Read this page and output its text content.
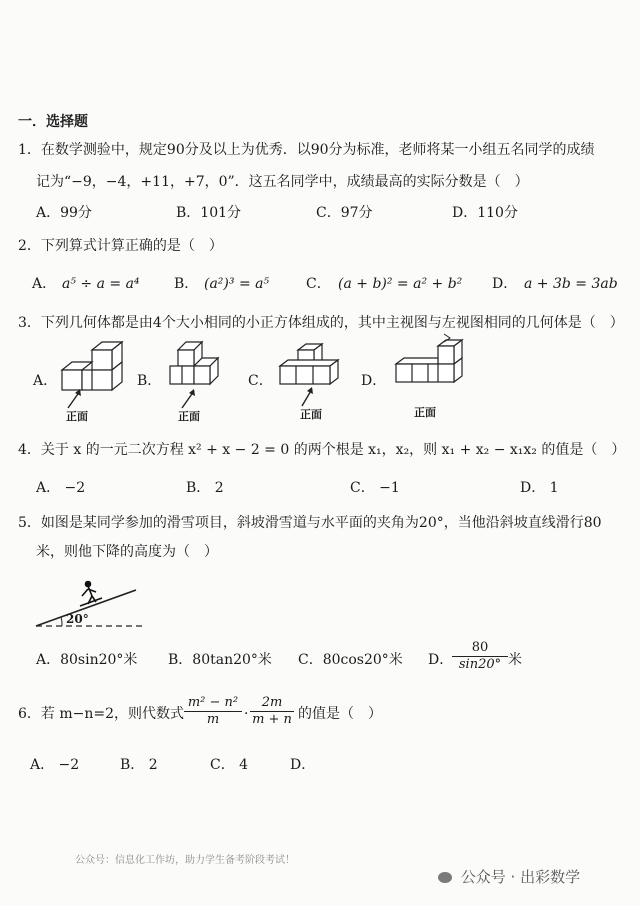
一．选择题
1．在数学测验中，规定90分及以上为优秀．以90分为标准，老师将某一小组五名同学的成绩
记为“−9，−4，+11，+7，0”．这五名同学中，成绩最高的实际分数是（　）
A．99分	B．101分	C．97分	D．110分
2．下列算式计算正确的是（　）
A． a⁵ ÷ a = a⁴ B． (a²)³ = a⁵	C． (a + b)² = a² + b² D． a + 3b = 3ab
3．下列几何体都是由4个大小相同的小正方体组成的，其中主视图与左视图相同的几何体是（　）
A．
正面
B．
正面
C．
正面
D．
正面
4．关于 x 的一元二次方程 x² + x − 2 = 0 的两个根是 x₁，x₂，则 x₁ + x₂ − x₁x₂ 的值是（　）
A． −2	B． 2	C． −1	D． 1
5．如图是某同学参加的滑雪项目，斜坡滑雪道与水平面的夹角为20°，当他沿斜坡直线滑行80
米，则他下降的高度为（　）
20°
A．80sin20°米 B．80tan20°米 C．80cos20°米 D．
$\frac{80}{\sin 20^\circ}$ 米
6．若 m−n=2，则代数式 $\frac{\text{m² − n²}}{m} \cdot \frac{2m}{m + n}$ 的值是（　）
A． −2	B． 2	C． 4	D．
公众号：信息化工作坊，助力学生备考阶段考试！
公众号 · 出彩数学
